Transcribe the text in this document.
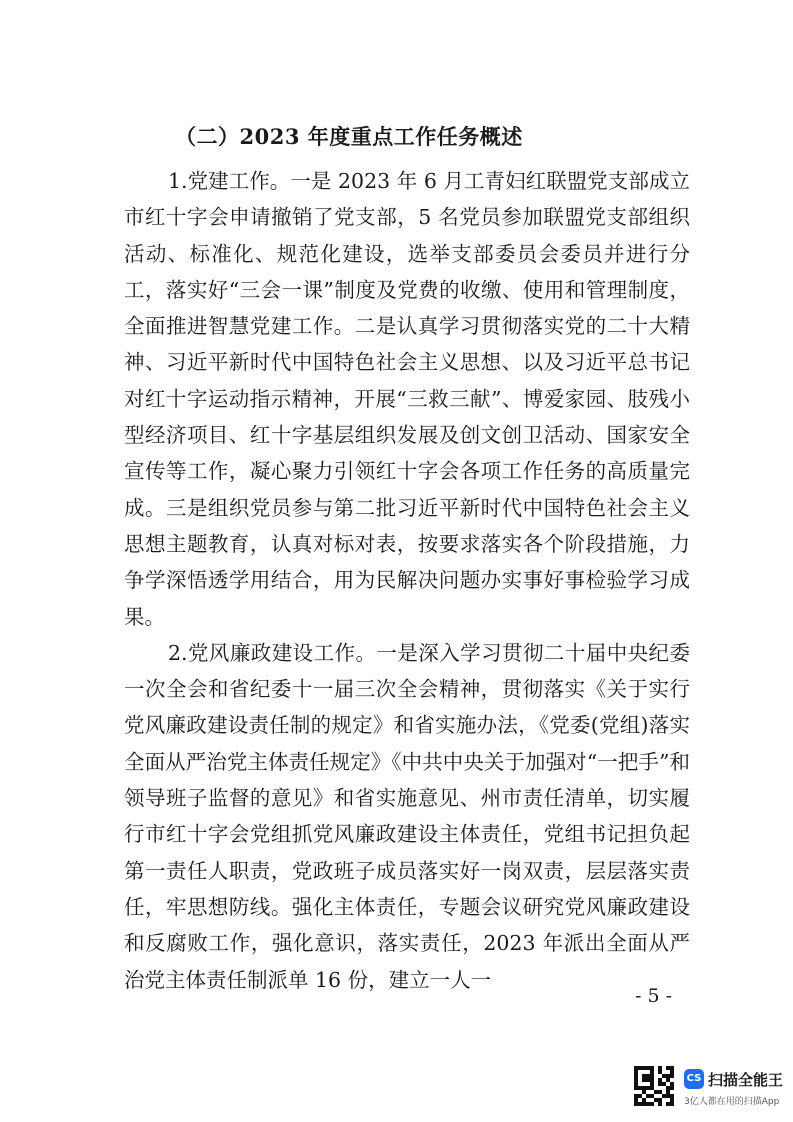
（二）2023 年度重点工作任务概述

1.党建工作。一是 2023 年 6 月工青妇红联盟党支部成立市红十字会申请撤销了党支部，5 名党员参加联盟党支部组织活动、标准化、规范化建设，选举支部委员会委员并进行分工，落实好“三会一课”制度及党费的收缴、使用和管理制度，全面推进智慧党建工作。二是认真学习贯彻落实党的二十大精神、习近平新时代中国特色社会主义思想、以及习近平总书记对红十字运动指示精神，开展“三救三献”、博爱家园、肢残小型经济项目、红十字基层组织发展及创文创卫活动、国家安全宣传等工作，凝心聚力引领红十字会各项工作任务的高质量完成。三是组织党员参与第二批习近平新时代中国特色社会主义思想主题教育，认真对标对表，按要求落实各个阶段措施，力争学深悟透学用结合，用为民解决问题办实事好事检验学习成果。

2.党风廉政建设工作。一是深入学习贯彻二十届中央纪委一次全会和省纪委十一届三次全会精神，贯彻落实《关于实行党风廉政建设责任制的规定》和省实施办法，《党委(党组)落实全面从严治党主体责任规定》《中共中央关于加强对“一把手”和领导班子监督的意见》和省实施意见、州市责任清单，切实履行市红十字会党组抓党风廉政建设主体责任，党组书记担负起第一责任人职责，党政班子成员落实好一岗双责，层层落实责任，牢思想防线。强化主体责任，专题会议研究党风廉政建设和反腐败工作，强化意识，落实责任，2023 年派出全面从严治党主体责任制派单 16 份，建立一人一

- 5 -
CS 扫描全能王
3亿人都在用的扫描App
